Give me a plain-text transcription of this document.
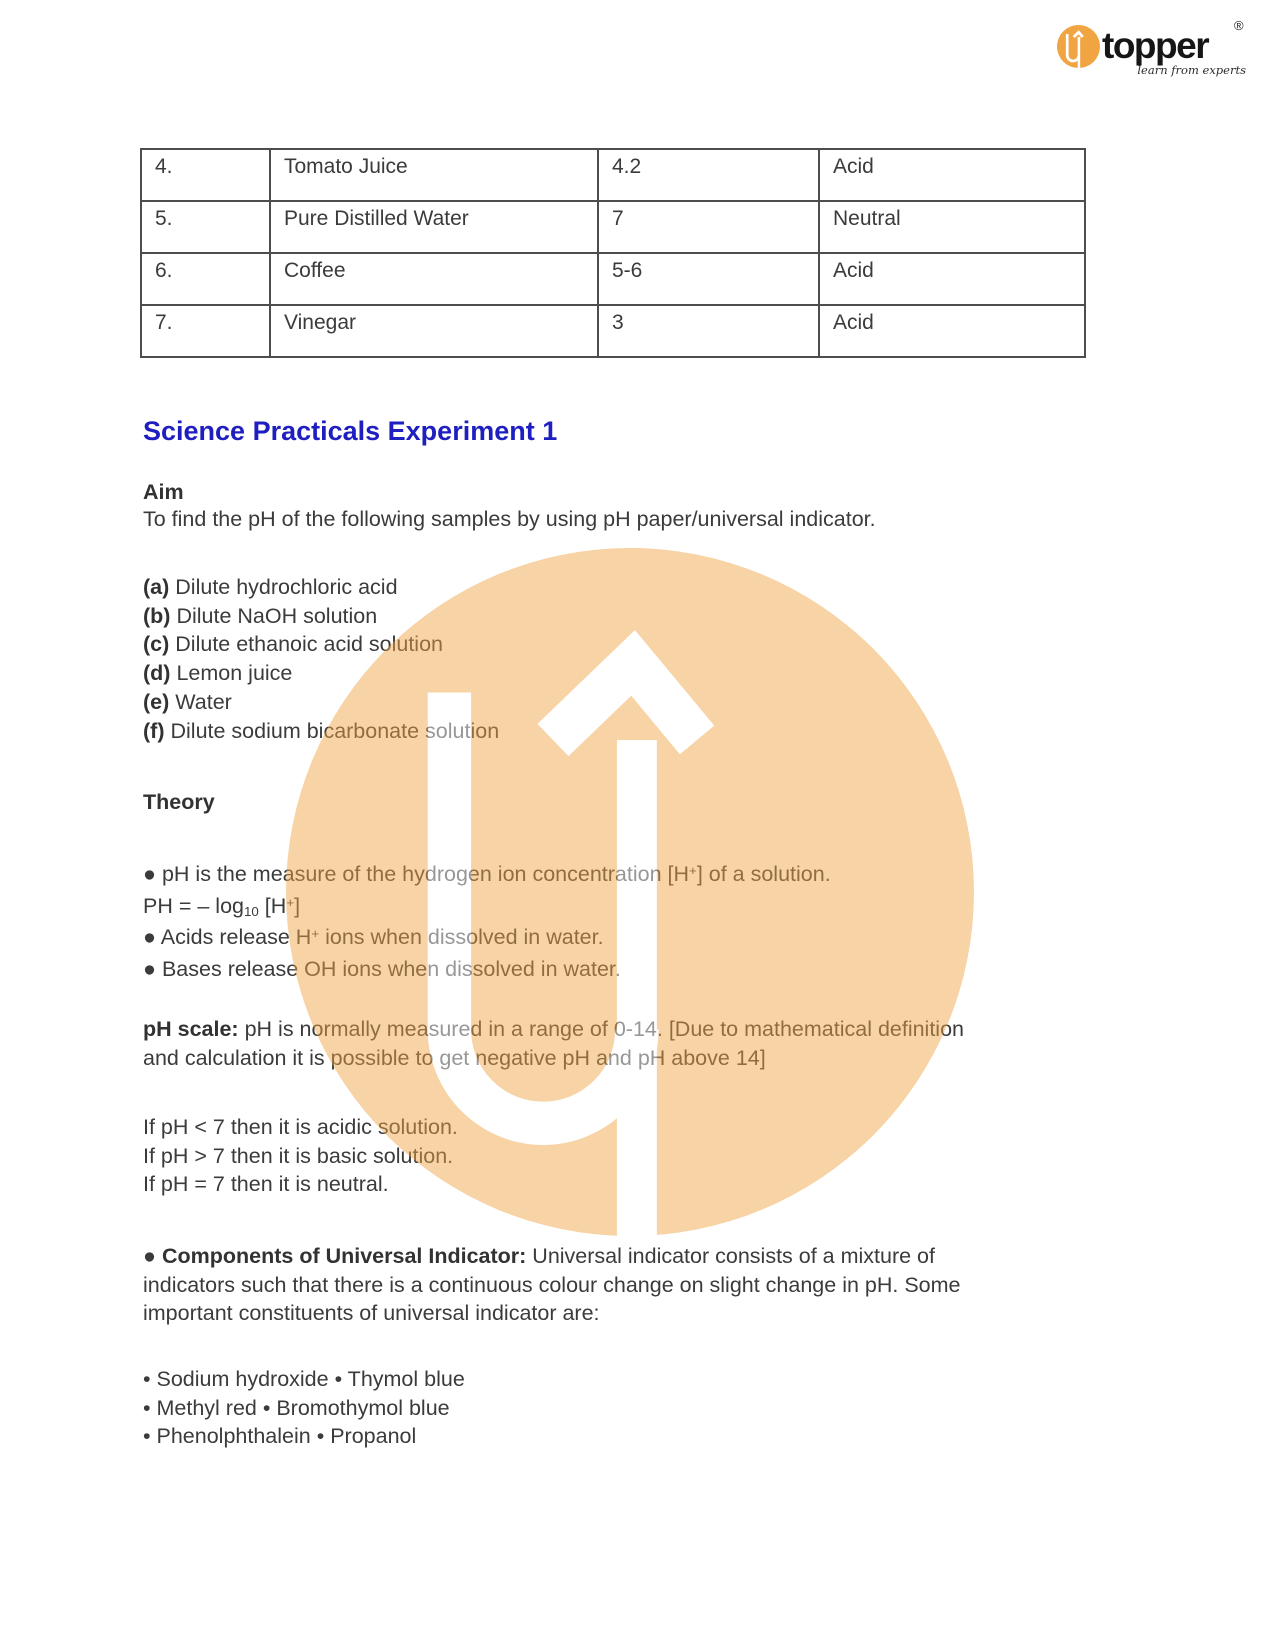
topper ®
learn from experts
4.	Tomato Juice	4.2	Acid
5.	Pure Distilled Water	7	Neutral
6.	Coffee	5-6	Acid
7.	Vinegar	3	Acid
Science Practicals Experiment 1
Aim
To find the pH of the following samples by using pH paper/universal indicator.
(a) Dilute hydrochloric acid
(b) Dilute NaOH solution
(c) Dilute ethanoic acid solution
(d) Lemon juice
(e) Water
(f) Dilute sodium bicarbonate solution
Theory
● pH is the measure of the hydrogen ion concentration [H+] of a solution.
PH = – log10 [H+]
● Acids release H+ ions when dissolved in water.
● Bases release OH ions when dissolved in water.
pH scale: pH is normally measured in a range of 0-14. [Due to mathematical definition
and calculation it is possible to get negative pH and pH above 14]
If pH < 7 then it is acidic solution.
If pH > 7 then it is basic solution.
If pH = 7 then it is neutral.
● Components of Universal Indicator: Universal indicator consists of a mixture of
indicators such that there is a continuous colour change on slight change in pH. Some
important constituents of universal indicator are:
• Sodium hydroxide • Thymol blue
• Methyl red • Bromothymol blue
• Phenolphthalein • Propanol
